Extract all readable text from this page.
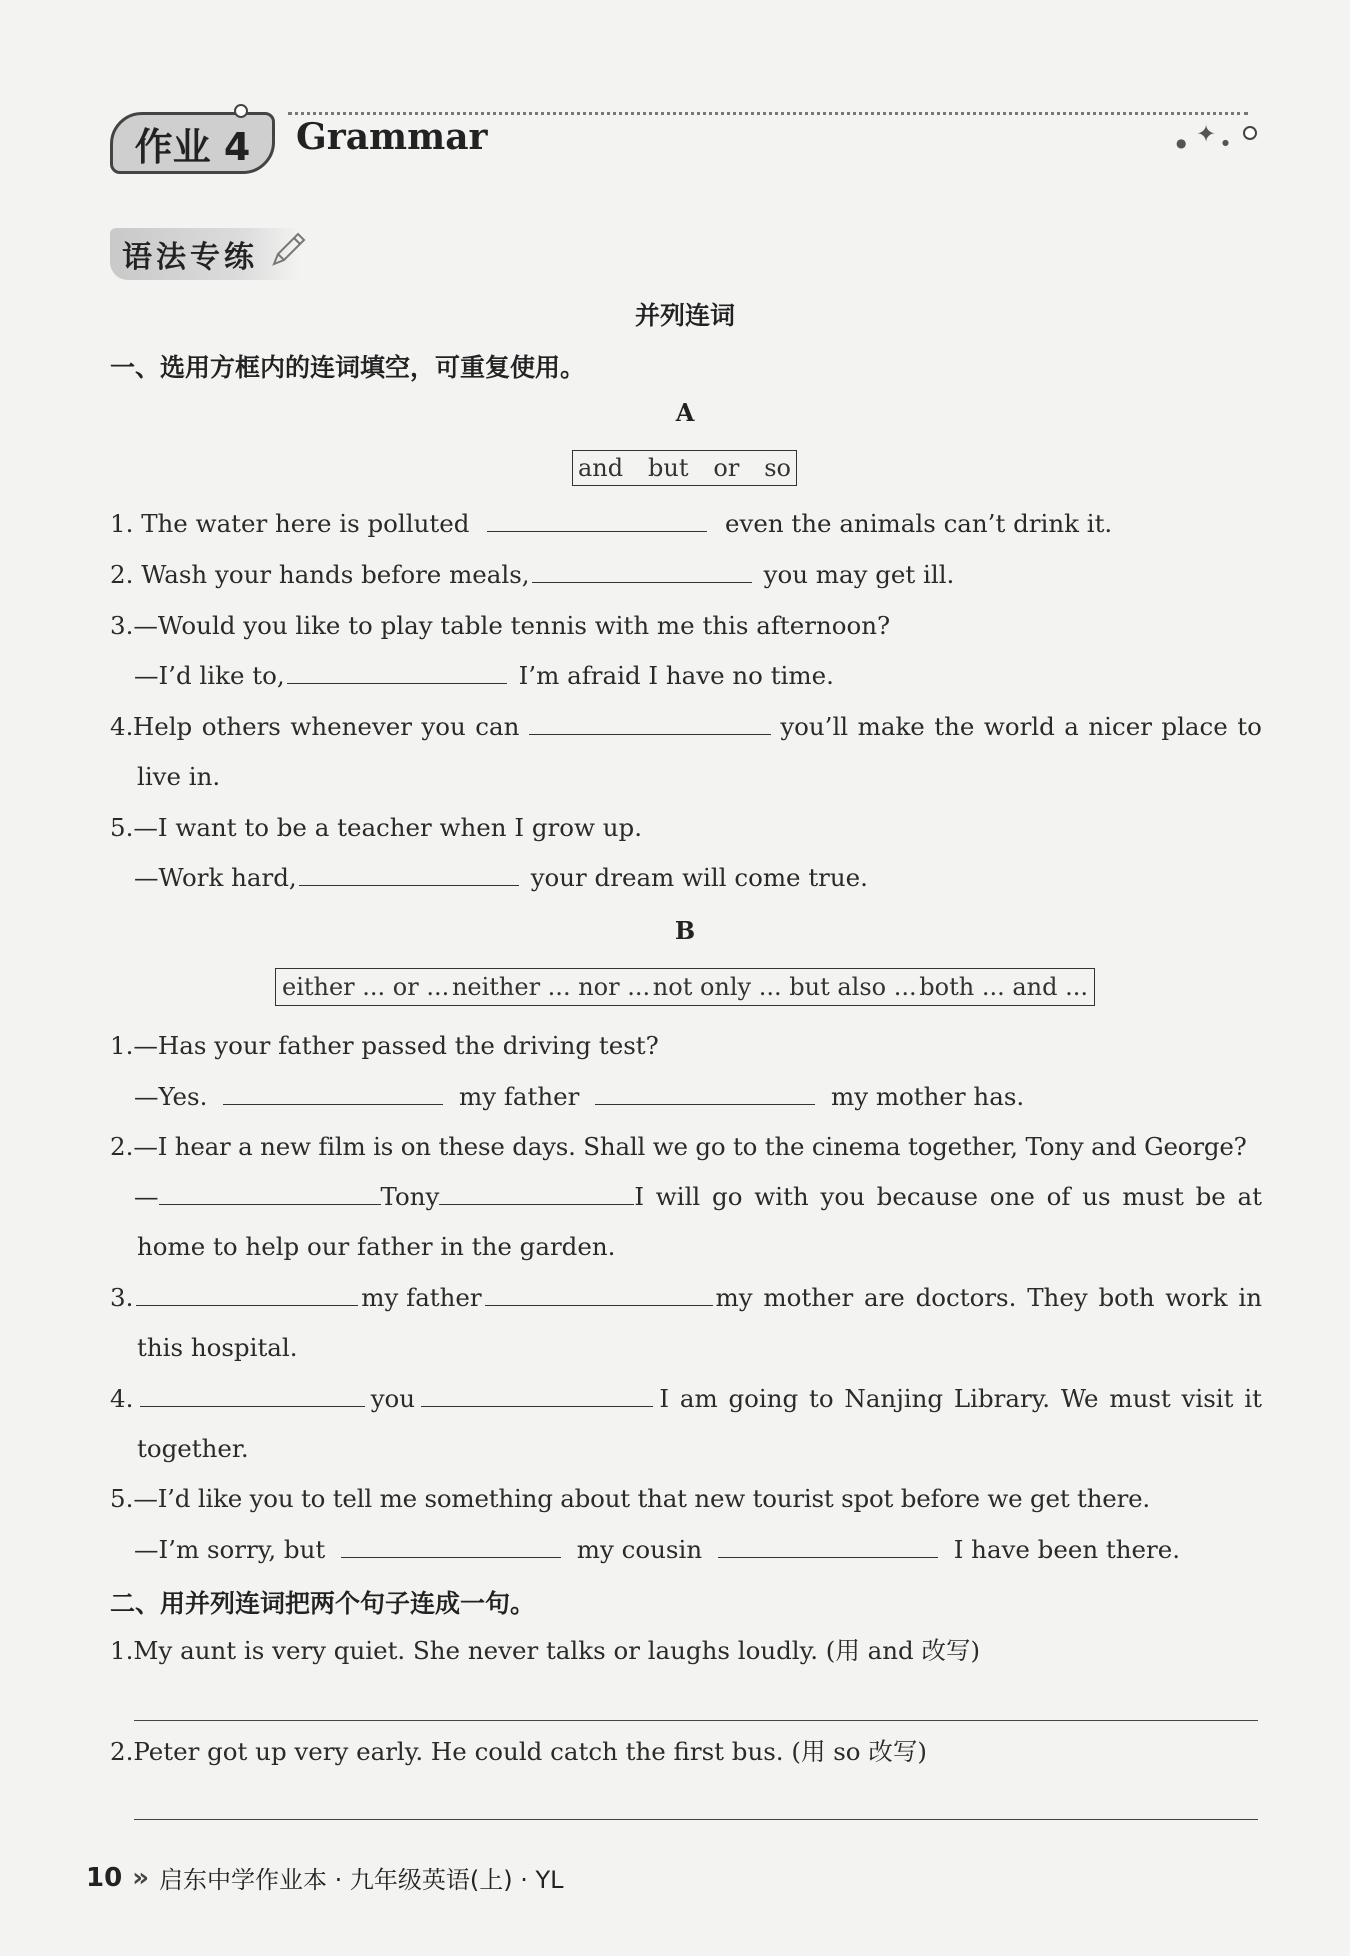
作业 4	Grammar	✦
●	●
语法专练
并列连词
一、选用方框内的连词填空，可重复使用。
A
and but or so
1. The water here is polluted	even the animals can’t drink it.
2. Wash your hands before meals,	you may get ill.
3.—Would you like to play table tennis with me this afternoon?
—I’d like to,	I’m afraid I have no time.
4. Help others whenever you can	you’ll make the world a nicer place to
live in.
5.—I want to be a teacher when I grow up.
—Work hard,	your dream will come true.
B
either ... or ... neither ... nor ... not only ... but also ... both ... and ...
1.—Has your father passed the driving test?
—Yes.	my father	my mother has.
2.—I hear a new film is on these days. Shall we go to the cinema together, Tony and George?
—	Tony	I will go with you because one of us must be at
home to help our father in the garden.
3.	my father	my mother are doctors. They both work in
this hospital.
4.	you	I am going to Nanjing Library. We must visit it
together.
5.—I’d like you to tell me something about that new tourist spot before we get there.
—I’m sorry, but	my cousin	I have been there.
二、用并列连词把两个句子连成一句。
1.My aunt is very quiet. She never talks or laughs loudly. (用 and 改写)
2.Peter got up very early. He could catch the first bus. (用 so 改写)
10 » 启东中学作业本 · 九年级英语(上) · YL
